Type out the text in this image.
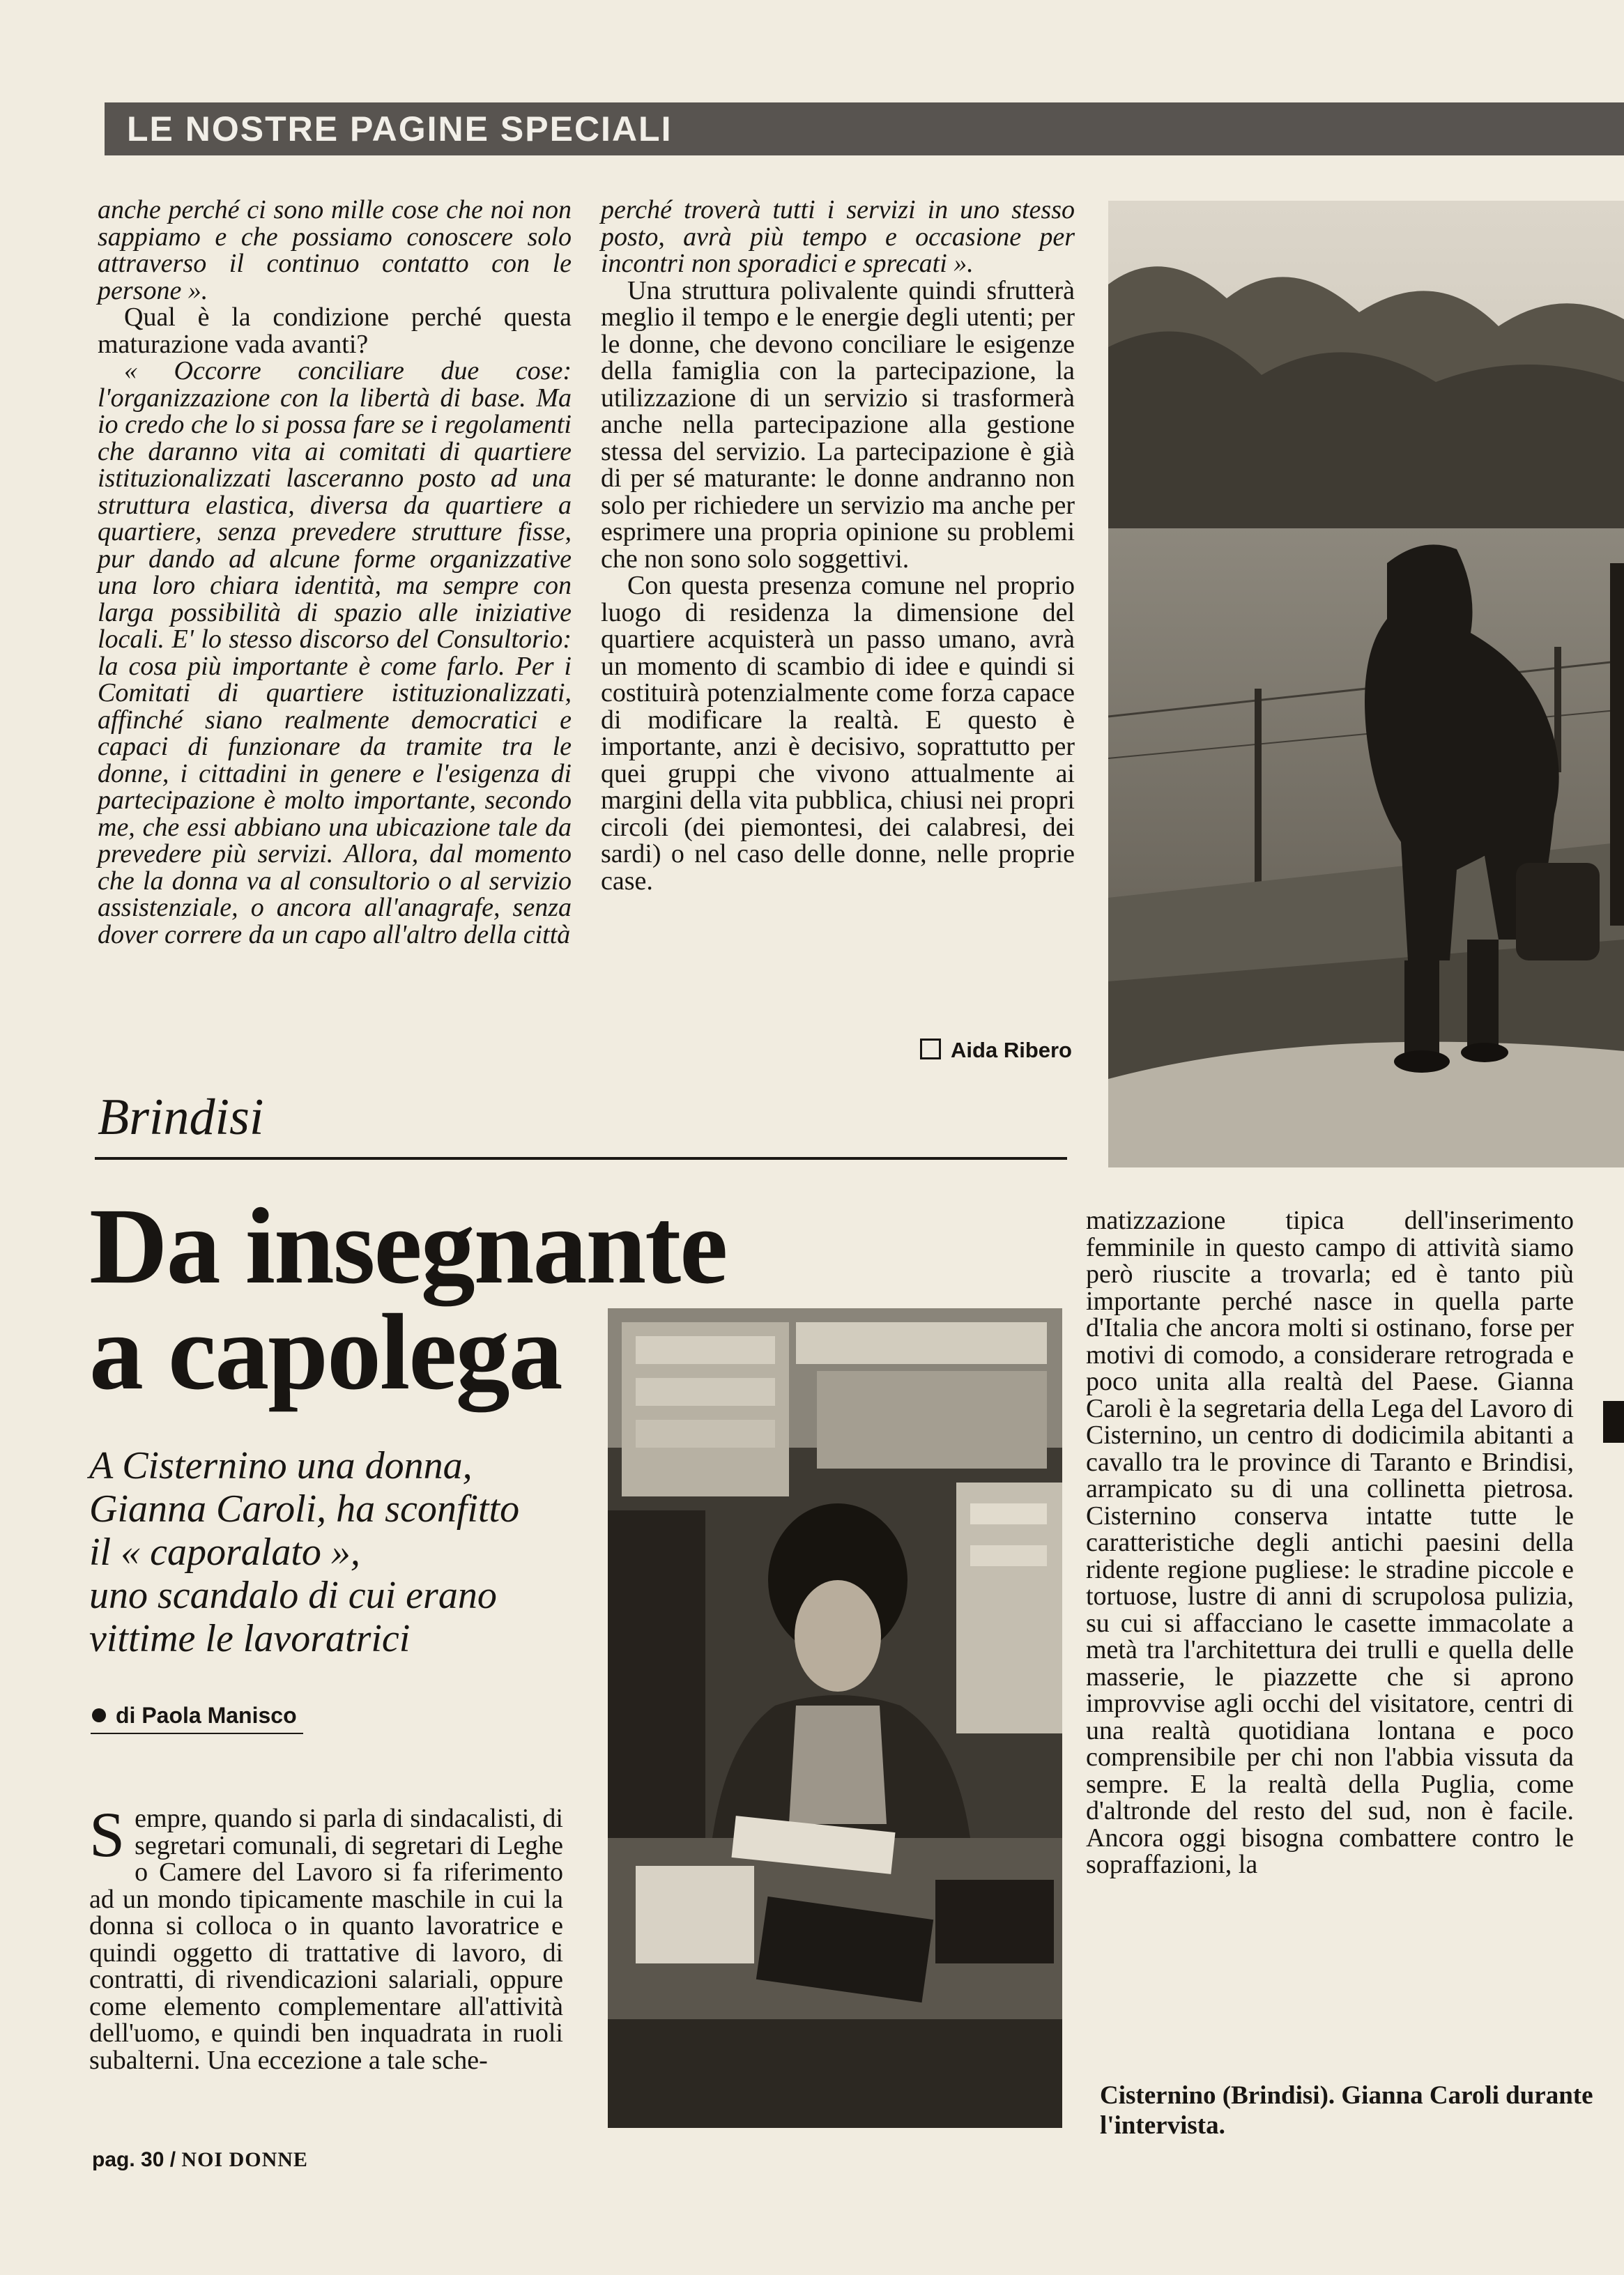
LE NOSTRE PAGINE SPECIALI

anche perché ci sono mille cose che noi non sappiamo e che possiamo conoscere solo attraverso il continuo contatto con le persone ».

Qual è la condizione perché questa maturazione vada avanti?

« Occorre conciliare due cose: l'organizzazione con la libertà di base. Ma io credo che lo si possa fare se i regolamenti che daranno vita ai comitati di quartiere istituzionalizzati lasceranno posto ad una struttura elastica, diversa da quartiere a quartiere, senza prevedere strutture fisse, pur dando ad alcune forme organizzative una loro chiara identità, ma sempre con larga possibilità di spazio alle iniziative locali. E' lo stesso discorso del Consultorio: la cosa più importante è come farlo. Per i Comitati di quartiere istituzionalizzati, affinché siano realmente democratici e capaci di funzionare da tramite tra le donne, i cittadini in genere e l'esigenza di partecipazione è molto importante, secondo me, che essi abbiano una ubicazione tale da prevedere più servizi. Allora, dal momento che la donna va al consultorio o al servizio assistenziale, o ancora all'anagrafe, senza dover correre da un capo all'altro della città

perché troverà tutti i servizi in uno stesso posto, avrà più tempo e occasione per incontri non sporadici e sprecati ».

Una struttura polivalente quindi sfrutterà meglio il tempo e le energie degli utenti; per le donne, che devono conciliare le esigenze della famiglia con la partecipazione, la utilizzazione di un servizio si trasformerà anche nella partecipazione alla gestione stessa del servizio. La partecipazione è già di per sé maturante: le donne andranno non solo per richiedere un servizio ma anche per esprimere una propria opinione su problemi che non sono solo soggettivi.

Con questa presenza comune nel proprio luogo di residenza la dimensione del quartiere acquisterà un passo umano, avrà un momento di scambio di idee e quindi si costituirà potenzialmente come forza capace di modificare la realtà. E questo è importante, anzi è decisivo, soprattutto per quei gruppi che vivono attualmente ai margini della vita pubblica, chiusi nei propri circoli (dei piemontesi, dei calabresi, dei sardi) o nel caso delle donne, nelle proprie case.

Aida Ribero
Brindisi
Da insegnante
a capolega
A Cisternino una donna,
Gianna Caroli, ha sconfitto
il « caporalato »,
uno scandalo di cui erano
vittime le lavoratrici
di Paola Manisco

Sempre, quando si parla di sindacalisti, di segretari comunali, di segretari di Leghe o Camere del Lavoro si fa riferimento ad un mondo tipicamente maschile in cui la donna si colloca o in quanto lavoratrice e quindi oggetto di trattative di lavoro, di contratti, di rivendicazioni salariali, oppure come elemento complementare all'attività dell'uomo, e quindi ben inquadrata in ruoli subalterni. Una eccezione a tale sche-

matizzazione tipica dell'inserimento femminile in questo campo di attività siamo però riuscite a trovarla; ed è tanto più importante perché nasce in quella parte d'Italia che ancora molti si ostinano, forse per motivi di comodo, a considerare retrograda e poco unita alla realtà del Paese. Gianna Caroli è la segretaria della Lega del Lavoro di Cisternino, un centro di dodicimila abitanti a cavallo tra le province di Taranto e Brindisi, arrampicato su di una collinetta pietrosa. Cisternino conserva intatte tutte le caratteristiche degli antichi paesini della ridente regione pugliese: le stradine piccole e tortuose, lustre di anni di scrupolosa pulizia, su cui si affacciano le casette immacolate a metà tra l'architettura dei trulli e quella delle masserie, le piazzette che si aprono improvvise agli occhi del visitatore, centri di una realtà quotidiana lontana e poco comprensibile per chi non l'abbia vissuta da sempre. E la realtà della Puglia, come d'altronde del resto del sud, non è facile. Ancora oggi bisogna combattere contro le sopraffazioni, la

Cisternino (Brindisi). Gianna Caroli durante l'intervista.
pag. 30 / NOI DONNE
